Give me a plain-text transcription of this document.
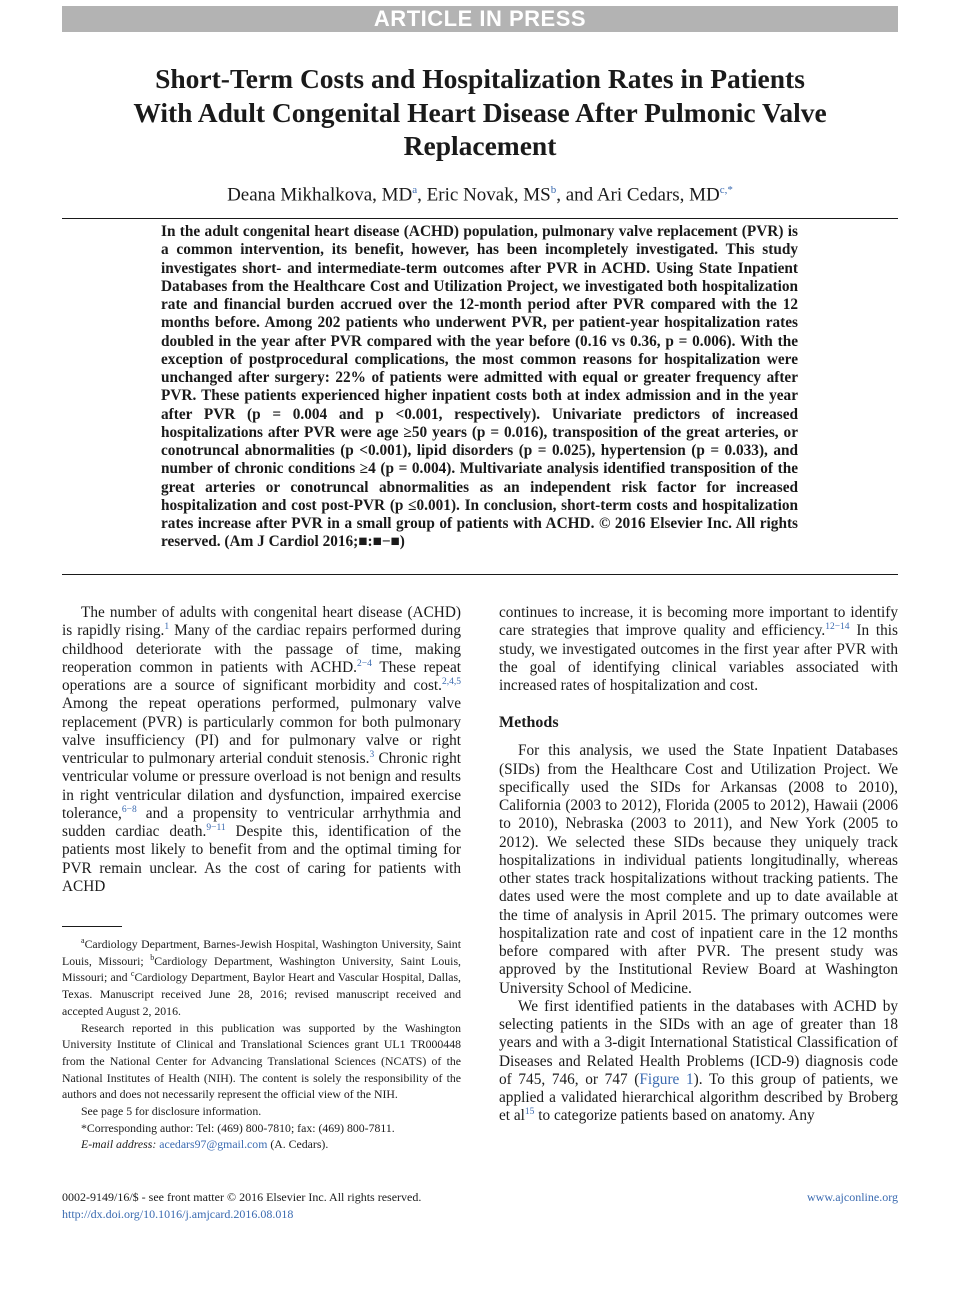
ARTICLE IN PRESS
Short-Term Costs and Hospitalization Rates in Patients
With Adult Congenital Heart Disease After Pulmonic Valve
Replacement
Deana Mikhalkova, $MD^a$, Eric Novak, $MS^b$, and Ari Cedars, $MD^{c,*}$

In the adult congenital heart disease (ACHD) population, pulmonary valve replacement (PVR) is a common intervention, its benefit, however, has been incompletely investigated. This study investigates short- and intermediate-term outcomes after PVR in ACHD. Using State Inpatient Databases from the Healthcare Cost and Utilization Project, we investigated both hospitalization rate and financial burden accrued over the 12-month period after PVR compared with the 12 months before. Among 202 patients who underwent PVR, per patient-year hospitalization rates doubled in the year after PVR compared with the year before (0.16 vs 0.36, p = 0.006). With the exception of postprocedural complications, the most common reasons for hospitalization were unchanged after surgery: 22% of patients were admitted with equal or greater frequency after PVR. These patients experienced higher inpatient costs both at index admission and in the year after PVR (p = 0.004 and p <0.001, respectively). Univariate predictors of increased hospitalizations after PVR were age ≥50 years (p = 0.016), transposition of the great arteries, or conotruncal abnormalities (p <0.001), lipid disorders (p = 0.025), hypertension (p = 0.033), and number of chronic conditions ≥4 (p = 0.004). Multivariate analysis identified transposition of the great arteries or conotruncal abnormalities as an independent risk factor for increased hospitalization and cost post-PVR (p ≤0.001). In conclusion, short-term costs and hospitalization rates increase after PVR in a small group of patients with ACHD. © 2016 Elsevier Inc. All rights reserved. (Am J Cardiol 2016;■:■−■)

The number of adults with congenital heart disease (ACHD) is rapidly rising.$^1$ Many of the cardiac repairs performed during childhood deteriorate with the passage of time, making reoperation common in patients with ACHD.$^{2-4}$ These repeat operations are a source of significant morbidity and cost.$^{2,4,5}$ Among the repeat operations performed, pulmonary valve replacement (PVR) is particularly common for both pulmonary valve insufficiency (PI) and for pulmonary valve or right ventricular to pulmonary arterial conduit stenosis.$^3$ Chronic right ventricular volume or pressure overload is not benign and results in right ventricular dilation and dysfunction, impaired exercise tolerance,$^{6-8}$ and a propensity to ventricular arrhythmia and sudden cardiac death.$^{9-11}$ Despite this, identification of the patients most likely to benefit from and the optimal timing for PVR remain unclear. As the cost of caring for patients with ACHD

$^a$Cardiology Department, Barnes-Jewish Hospital, Washington University, Saint Louis, Missouri; $^b$Cardiology Department, Washington University, Saint Louis, Missouri; and $^c$Cardiology Department, Baylor Heart and Vascular Hospital, Dallas, Texas. Manuscript received June 28, 2016; revised manuscript received and accepted August 2, 2016.

Research reported in this publication was supported by the Washington University Institute of Clinical and Translational Sciences grant UL1 TR000448 from the National Center for Advancing Translational Sciences (NCATS) of the National Institutes of Health (NIH). The content is solely the responsibility of the authors and does not necessarily represent the official view of the NIH.

See page 5 for disclosure information.

*Corresponding author: Tel: (469) 800-7810; fax: (469) 800-7811.

E-mail address: acedars97@gmail.com (A. Cedars).

continues to increase, it is becoming more important to identify care strategies that improve quality and efficiency.$^{12-14}$ In this study, we investigated outcomes in the first year after PVR with the goal of identifying clinical variables associated with increased rates of hospitalization and cost.

Methods

For this analysis, we used the State Inpatient Databases (SIDs) from the Healthcare Cost and Utilization Project. We specifically used the SIDs for Arkansas (2008 to 2010), California (2003 to 2012), Florida (2005 to 2012), Hawaii (2006 to 2010), Nebraska (2003 to 2011), and New York (2005 to 2012). We selected these SIDs because they uniquely track hospitalizations in individual patients longitudinally, whereas other states track hospitalizations without tracking patients. The dates used were the most complete and up to date available at the time of analysis in April 2015. The primary outcomes were hospitalization rate and cost of inpatient care in the 12 months before compared with after PVR. The present study was approved by the Institutional Review Board at Washington University School of Medicine.

We first identified patients in the databases with ACHD by selecting patients in the SIDs with an age of greater than 18 years and with a 3-digit International Statistical Classification of Diseases and Related Health Problems (ICD-9) diagnosis code of 745, 746, or 747 (Figure 1). To this group of patients, we applied a validated hierarchical algorithm described by Broberg et $al^{15}$ to categorize patients based on anatomy. Any

0002-9149/16/$ - see front matter © 2016 Elsevier Inc. All rights reserved.
http://dx.doi.org/10.1016/j.amjcard.2016.08.018
www.ajconline.org
